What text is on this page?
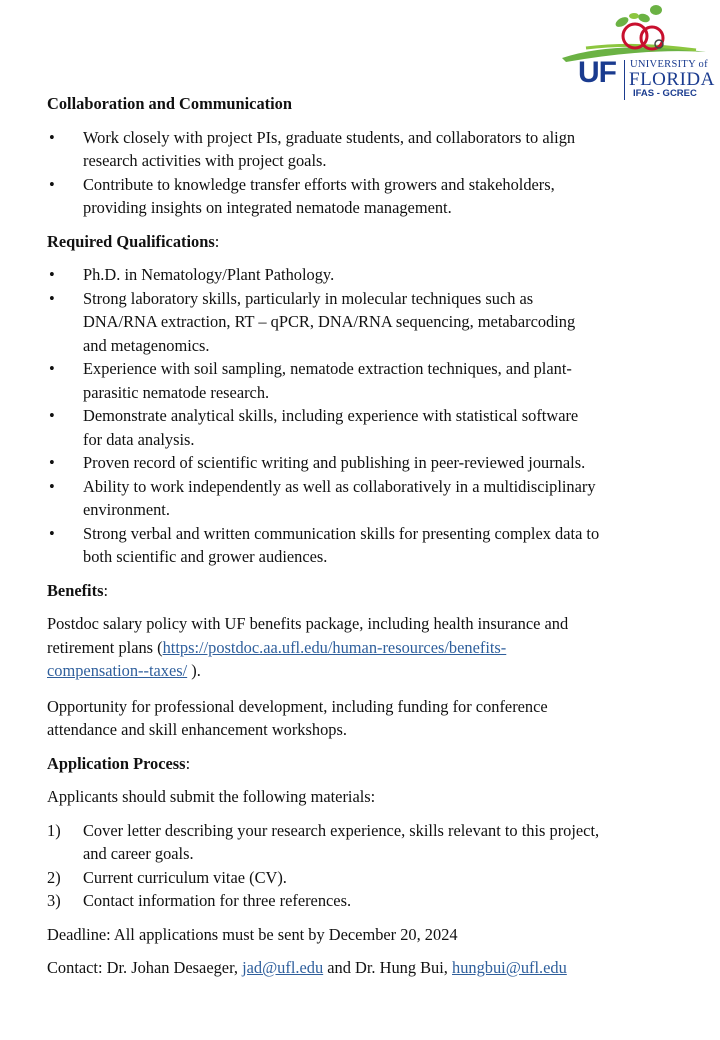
UF UNIVERSITY of
FLORIDA
IFAS - GCREC

Collaboration and Communication

• Work closely with project PIs, graduate students, and collaborators to align
research activities with project goals.
• Contribute to knowledge transfer efforts with growers and stakeholders,
providing insights on integrated nematode management.

Required Qualifications:

• Ph.D. in Nematology/Plant Pathology.
• Strong laboratory skills, particularly in molecular techniques such as
DNA/RNA extraction, RT – qPCR, DNA/RNA sequencing, metabarcoding
and metagenomics.
• Experience with soil sampling, nematode extraction techniques, and plant-
parasitic nematode research.
• Demonstrate analytical skills, including experience with statistical software
for data analysis.
• Proven record of scientific writing and publishing in peer-reviewed journals.
• Ability to work independently as well as collaboratively in a multidisciplinary
environment.
• Strong verbal and written communication skills for presenting complex data to
both scientific and grower audiences.

Benefits:

Postdoc salary policy with UF benefits package, including health insurance and
retirement plans (https://postdoc.aa.ufl.edu/human-resources/benefits-
compensation--taxes/ ).

Opportunity for professional development, including funding for conference
attendance and skill enhancement workshops.

Application Process:

Applicants should submit the following materials:

1) Cover letter describing your research experience, skills relevant to this project,
and career goals.
2) Current curriculum vitae (CV).
3) Contact information for three references.

Deadline: All applications must be sent by December 20, 2024

Contact: Dr. Johan Desaeger, jad@ufl.edu and Dr. Hung Bui, hungbui@ufl.edu
